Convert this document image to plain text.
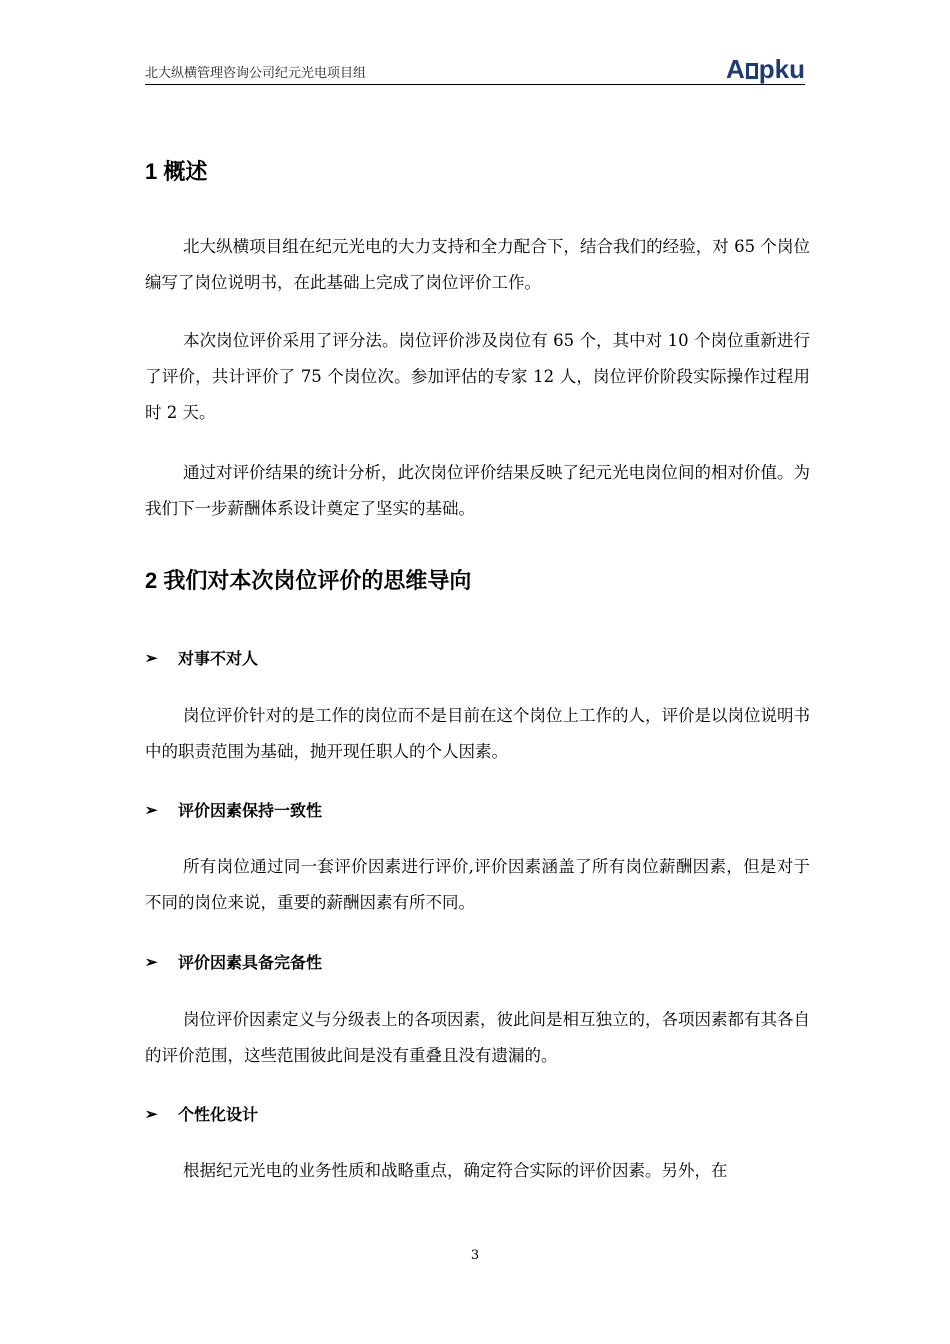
北大纵横管理咨询公司纪元光电项目组	A pku
1 概述

北大纵横项目组在纪元光电的大力支持和全力配合下，结合我们的经验，对 65 个岗位编写了岗位说明书，在此基础上完成了岗位评价工作。

本次岗位评价采用了评分法。岗位评价涉及岗位有 65 个，其中对 10 个岗位重新进行了评价，共计评价了 75 个岗位次。参加评估的专家 12 人，岗位评价阶段实际操作过程用时 2 天。

通过对评价结果的统计分析，此次岗位评价结果反映了纪元光电岗位间的相对价值。为我们下一步薪酬体系设计奠定了坚实的基础。

2 我们对本次岗位评价的思维导向
➢	对事不对人

岗位评价针对的是工作的岗位而不是目前在这个岗位上工作的人，评价是以岗位说明书中的职责范围为基础，抛开现任职人的个人因素。

➢	评价因素保持一致性

所有岗位通过同一套评价因素进行评价,评价因素涵盖了所有岗位薪酬因素，但是对于不同的岗位来说，重要的薪酬因素有所不同。

➢	评价因素具备完备性

岗位评价因素定义与分级表上的各项因素，彼此间是相互独立的，各项因素都有其各自的评价范围，这些范围彼此间是没有重叠且没有遗漏的。

➢	个性化设计

根据纪元光电的业务性质和战略重点，确定符合实际的评价因素。另外，在

3
